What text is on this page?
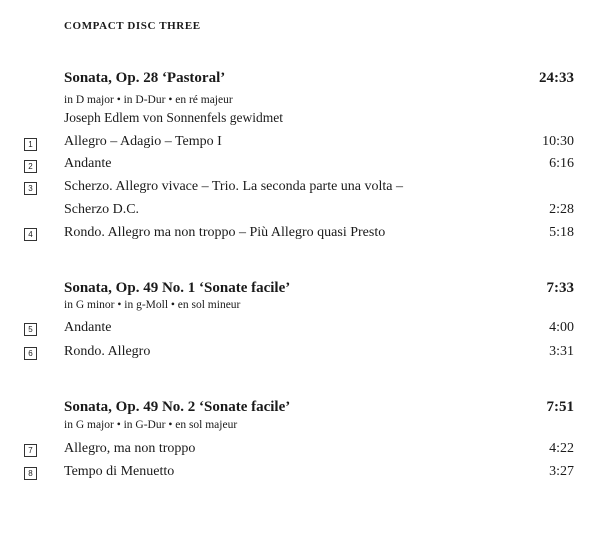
COMPACT DISC THREE
Sonata, Op. 28 ‘Pastoral’	24:33
in D major • in D-Dur • en ré majeur
Joseph Edlem von Sonnenfels gewidmet
1	Allegro – Adagio – Tempo I	10:30
2	Andante	6:16
3	Scherzo. Allegro vivace – Trio. La seconda parte una volta –
Scherzo D.C.	2:28
4	Rondo. Allegro ma non troppo – Più Allegro quasi Presto	5:18
Sonata, Op. 49 No. 1 ‘Sonate facile’	7:33
in G minor • in g-Moll • en sol mineur
5	Andante	4:00
6	Rondo. Allegro	3:31
Sonata, Op. 49 No. 2 ‘Sonate facile’	7:51
in G major • in G-Dur • en sol majeur
7	Allegro, ma non troppo	4:22
8	Tempo di Menuetto	3:27
